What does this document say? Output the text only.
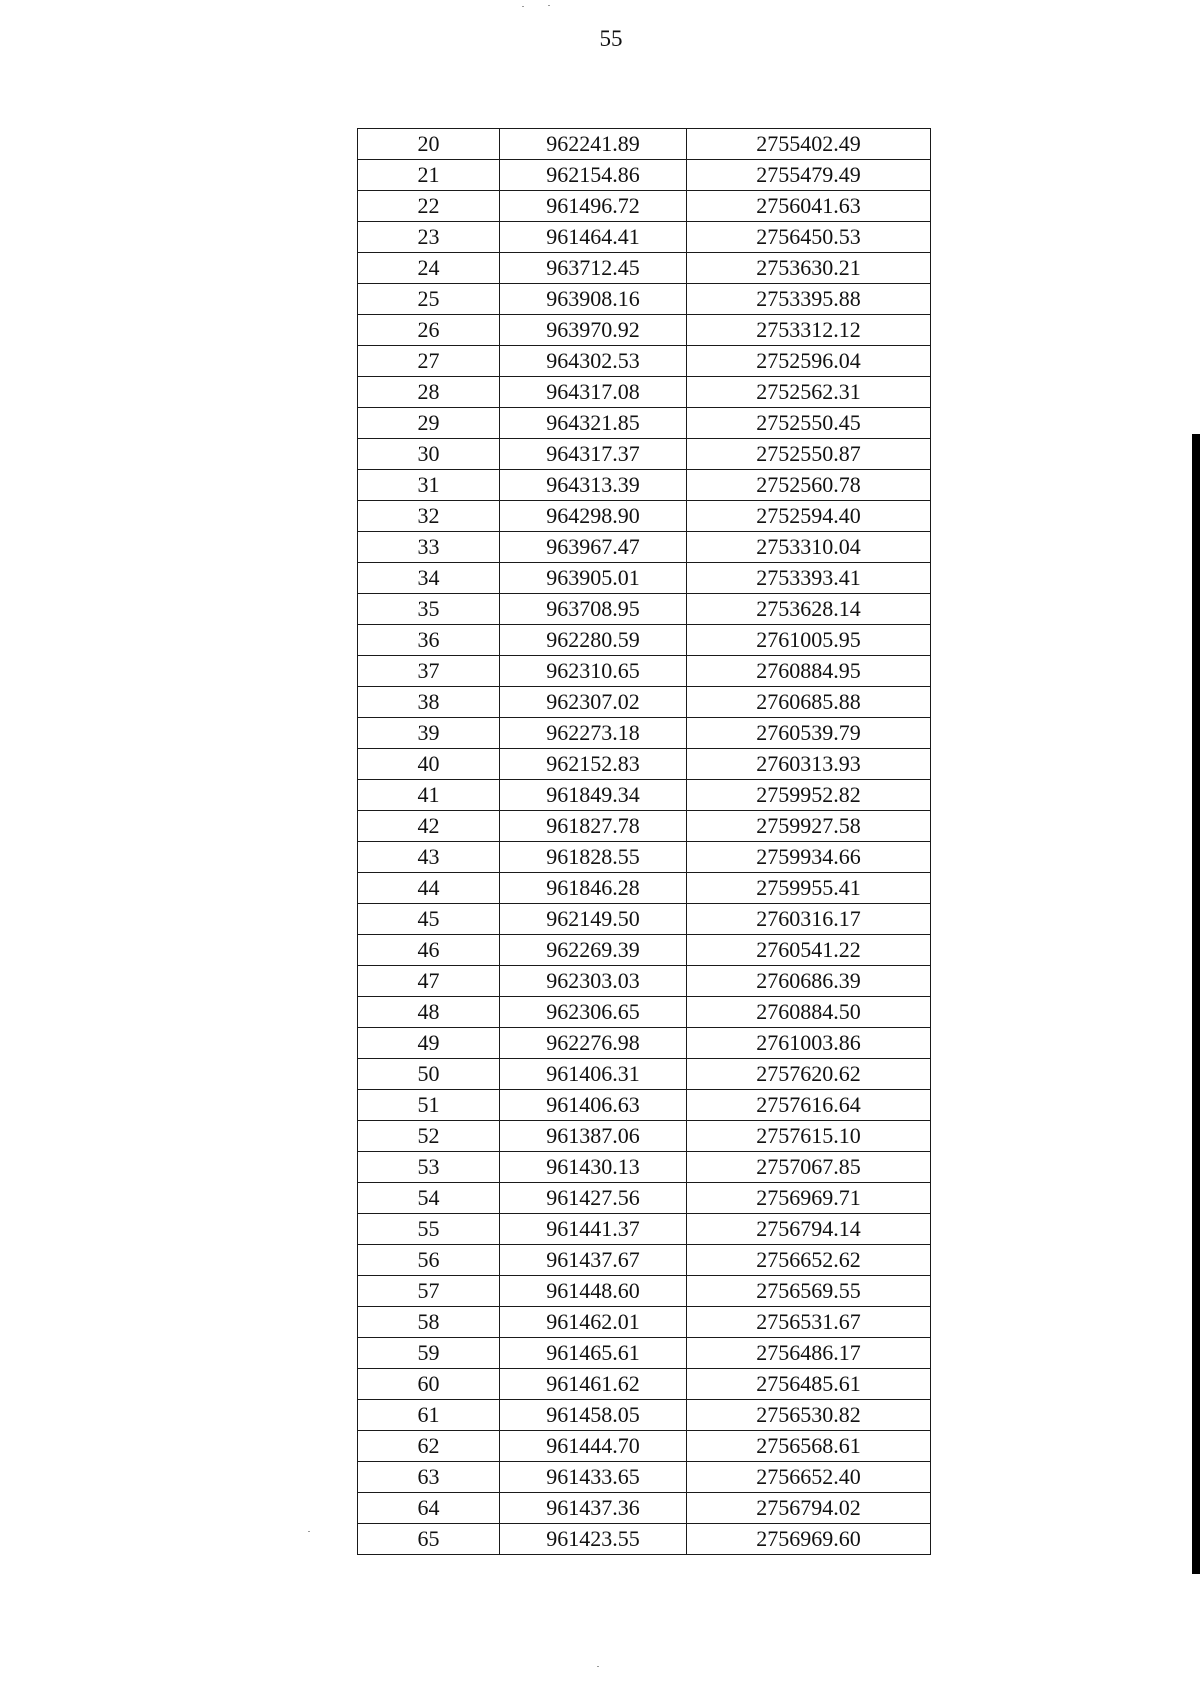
55
20	962241.89	2755402.49
21	962154.86	2755479.49
22	961496.72	2756041.63
23	961464.41	2756450.53
24	963712.45	2753630.21
25	963908.16	2753395.88
26	963970.92	2753312.12
27	964302.53	2752596.04
28	964317.08	2752562.31
29	964321.85	2752550.45
30	964317.37	2752550.87
31	964313.39	2752560.78
32	964298.90	2752594.40
33	963967.47	2753310.04
34	963905.01	2753393.41
35	963708.95	2753628.14
36	962280.59	2761005.95
37	962310.65	2760884.95
38	962307.02	2760685.88
39	962273.18	2760539.79
40	962152.83	2760313.93
41	961849.34	2759952.82
42	961827.78	2759927.58
43	961828.55	2759934.66
44	961846.28	2759955.41
45	962149.50	2760316.17
46	962269.39	2760541.22
47	962303.03	2760686.39
48	962306.65	2760884.50
49	962276.98	2761003.86
50	961406.31	2757620.62
51	961406.63	2757616.64
52	961387.06	2757615.10
53	961430.13	2757067.85
54	961427.56	2756969.71
55	961441.37	2756794.14
56	961437.67	2756652.62
57	961448.60	2756569.55
58	961462.01	2756531.67
59	961465.61	2756486.17
60	961461.62	2756485.61
61	961458.05	2756530.82
62	961444.70	2756568.61
63	961433.65	2756652.40
64	961437.36	2756794.02
65	961423.55	2756969.60
